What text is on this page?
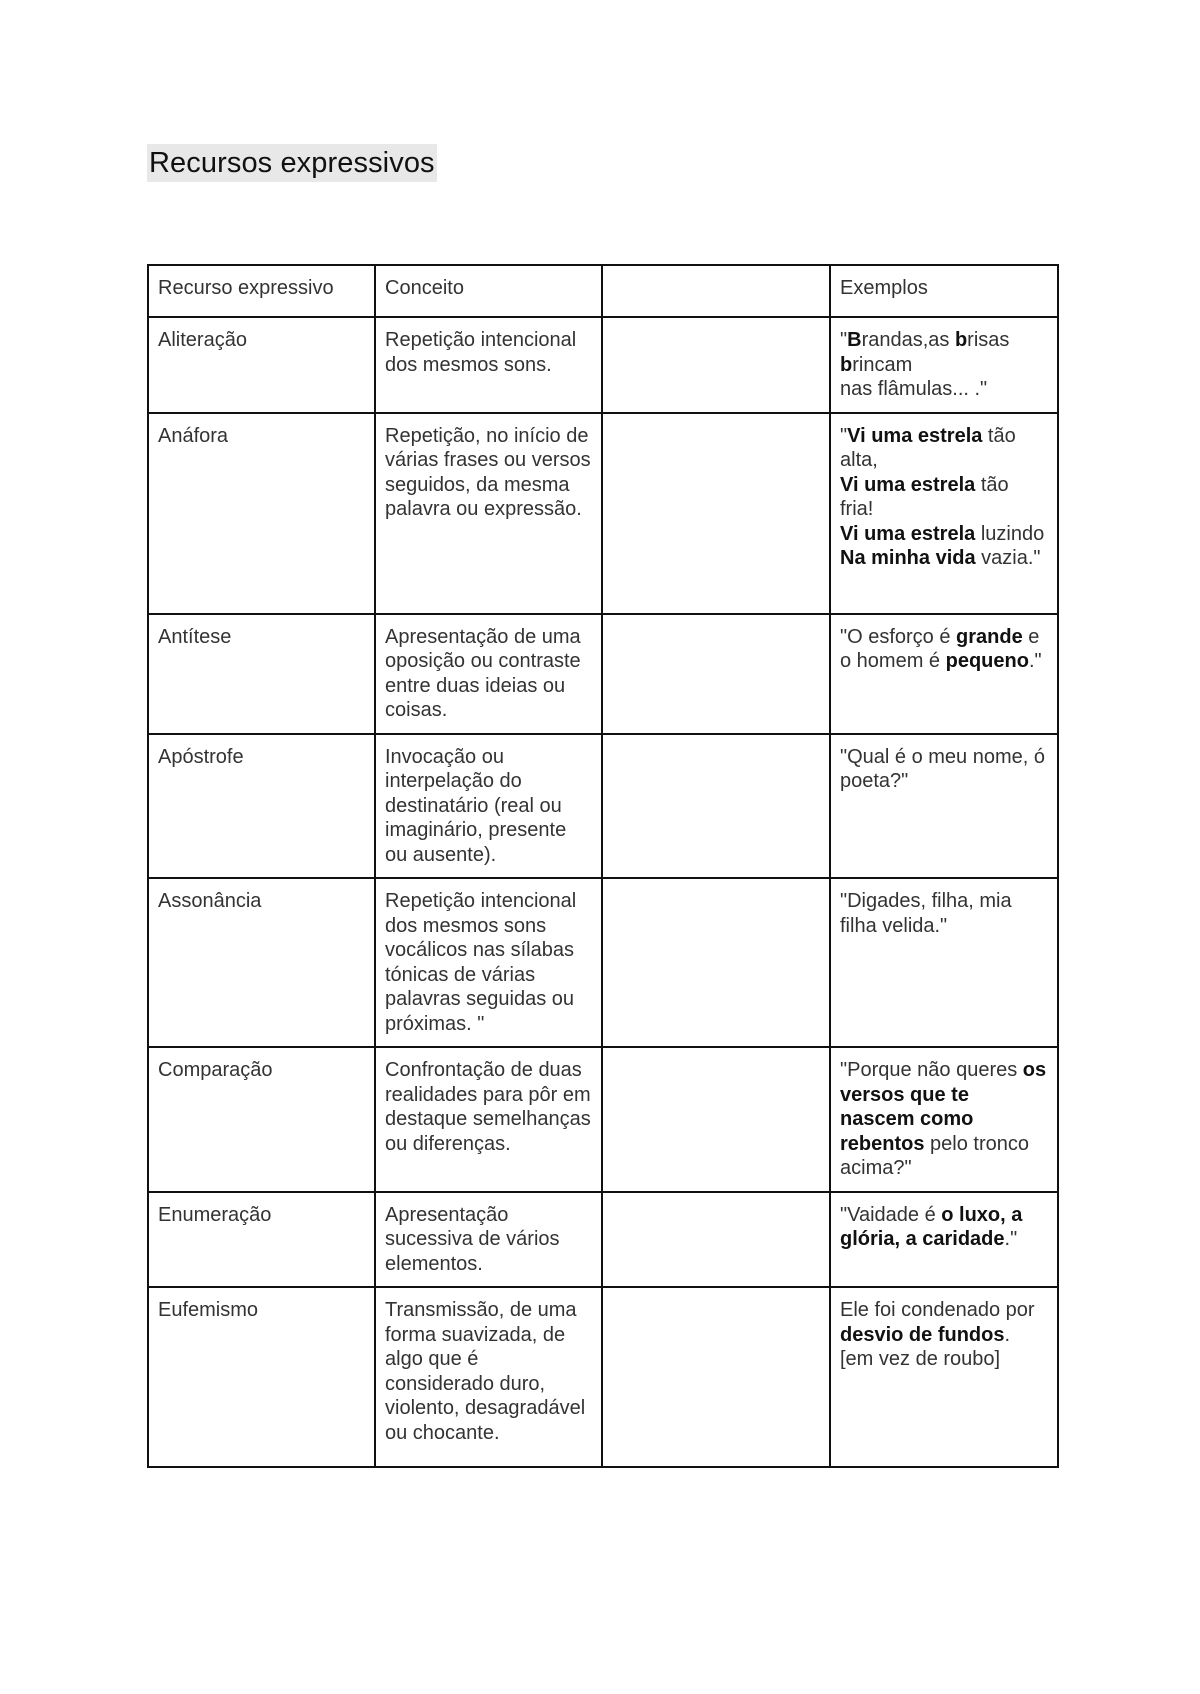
Recursos expressivos
Recurso expressivo	Conceito		Exemplos
Aliteração	Repetição intencional dos mesmos sons.		"Brandas,as brisas brincam
nas flâmulas... ."
Anáfora	Repetição, no início de várias frases ou versos seguidos, da mesma palavra ou expressão.		"Vi uma estrela tão alta,
Vi uma estrela tão fria!
Vi uma estrela luzindo
Na minha vida vazia."
Antítese	Apresentação de uma oposição ou contraste entre duas ideias ou coisas.		"O esforço é grande e o homem é pequeno."
Apóstrofe	Invocação ou interpelação do destinatário (real ou imaginário, presente ou ausente).		"Qual é o meu nome, ó poeta?"
Assonância	Repetição intencional dos mesmos sons vocálicos nas sílabas tónicas de várias palavras seguidas ou próximas. "		"Digades, filha, mia filha velida."
Comparação	Confrontação de duas realidades para pôr em destaque semelhanças ou diferenças.		"Porque não queres os versos que te nascem como rebentos pelo tronco acima?"
Enumeração	Apresentação sucessiva de vários elementos.		"Vaidade é o luxo, a glória, a caridade."
Eufemismo	Transmissão, de uma forma suavizada, de algo que é considerado duro, violento, desagradável ou chocante.		Ele foi condenado por desvio de fundos. [em vez de roubo]
